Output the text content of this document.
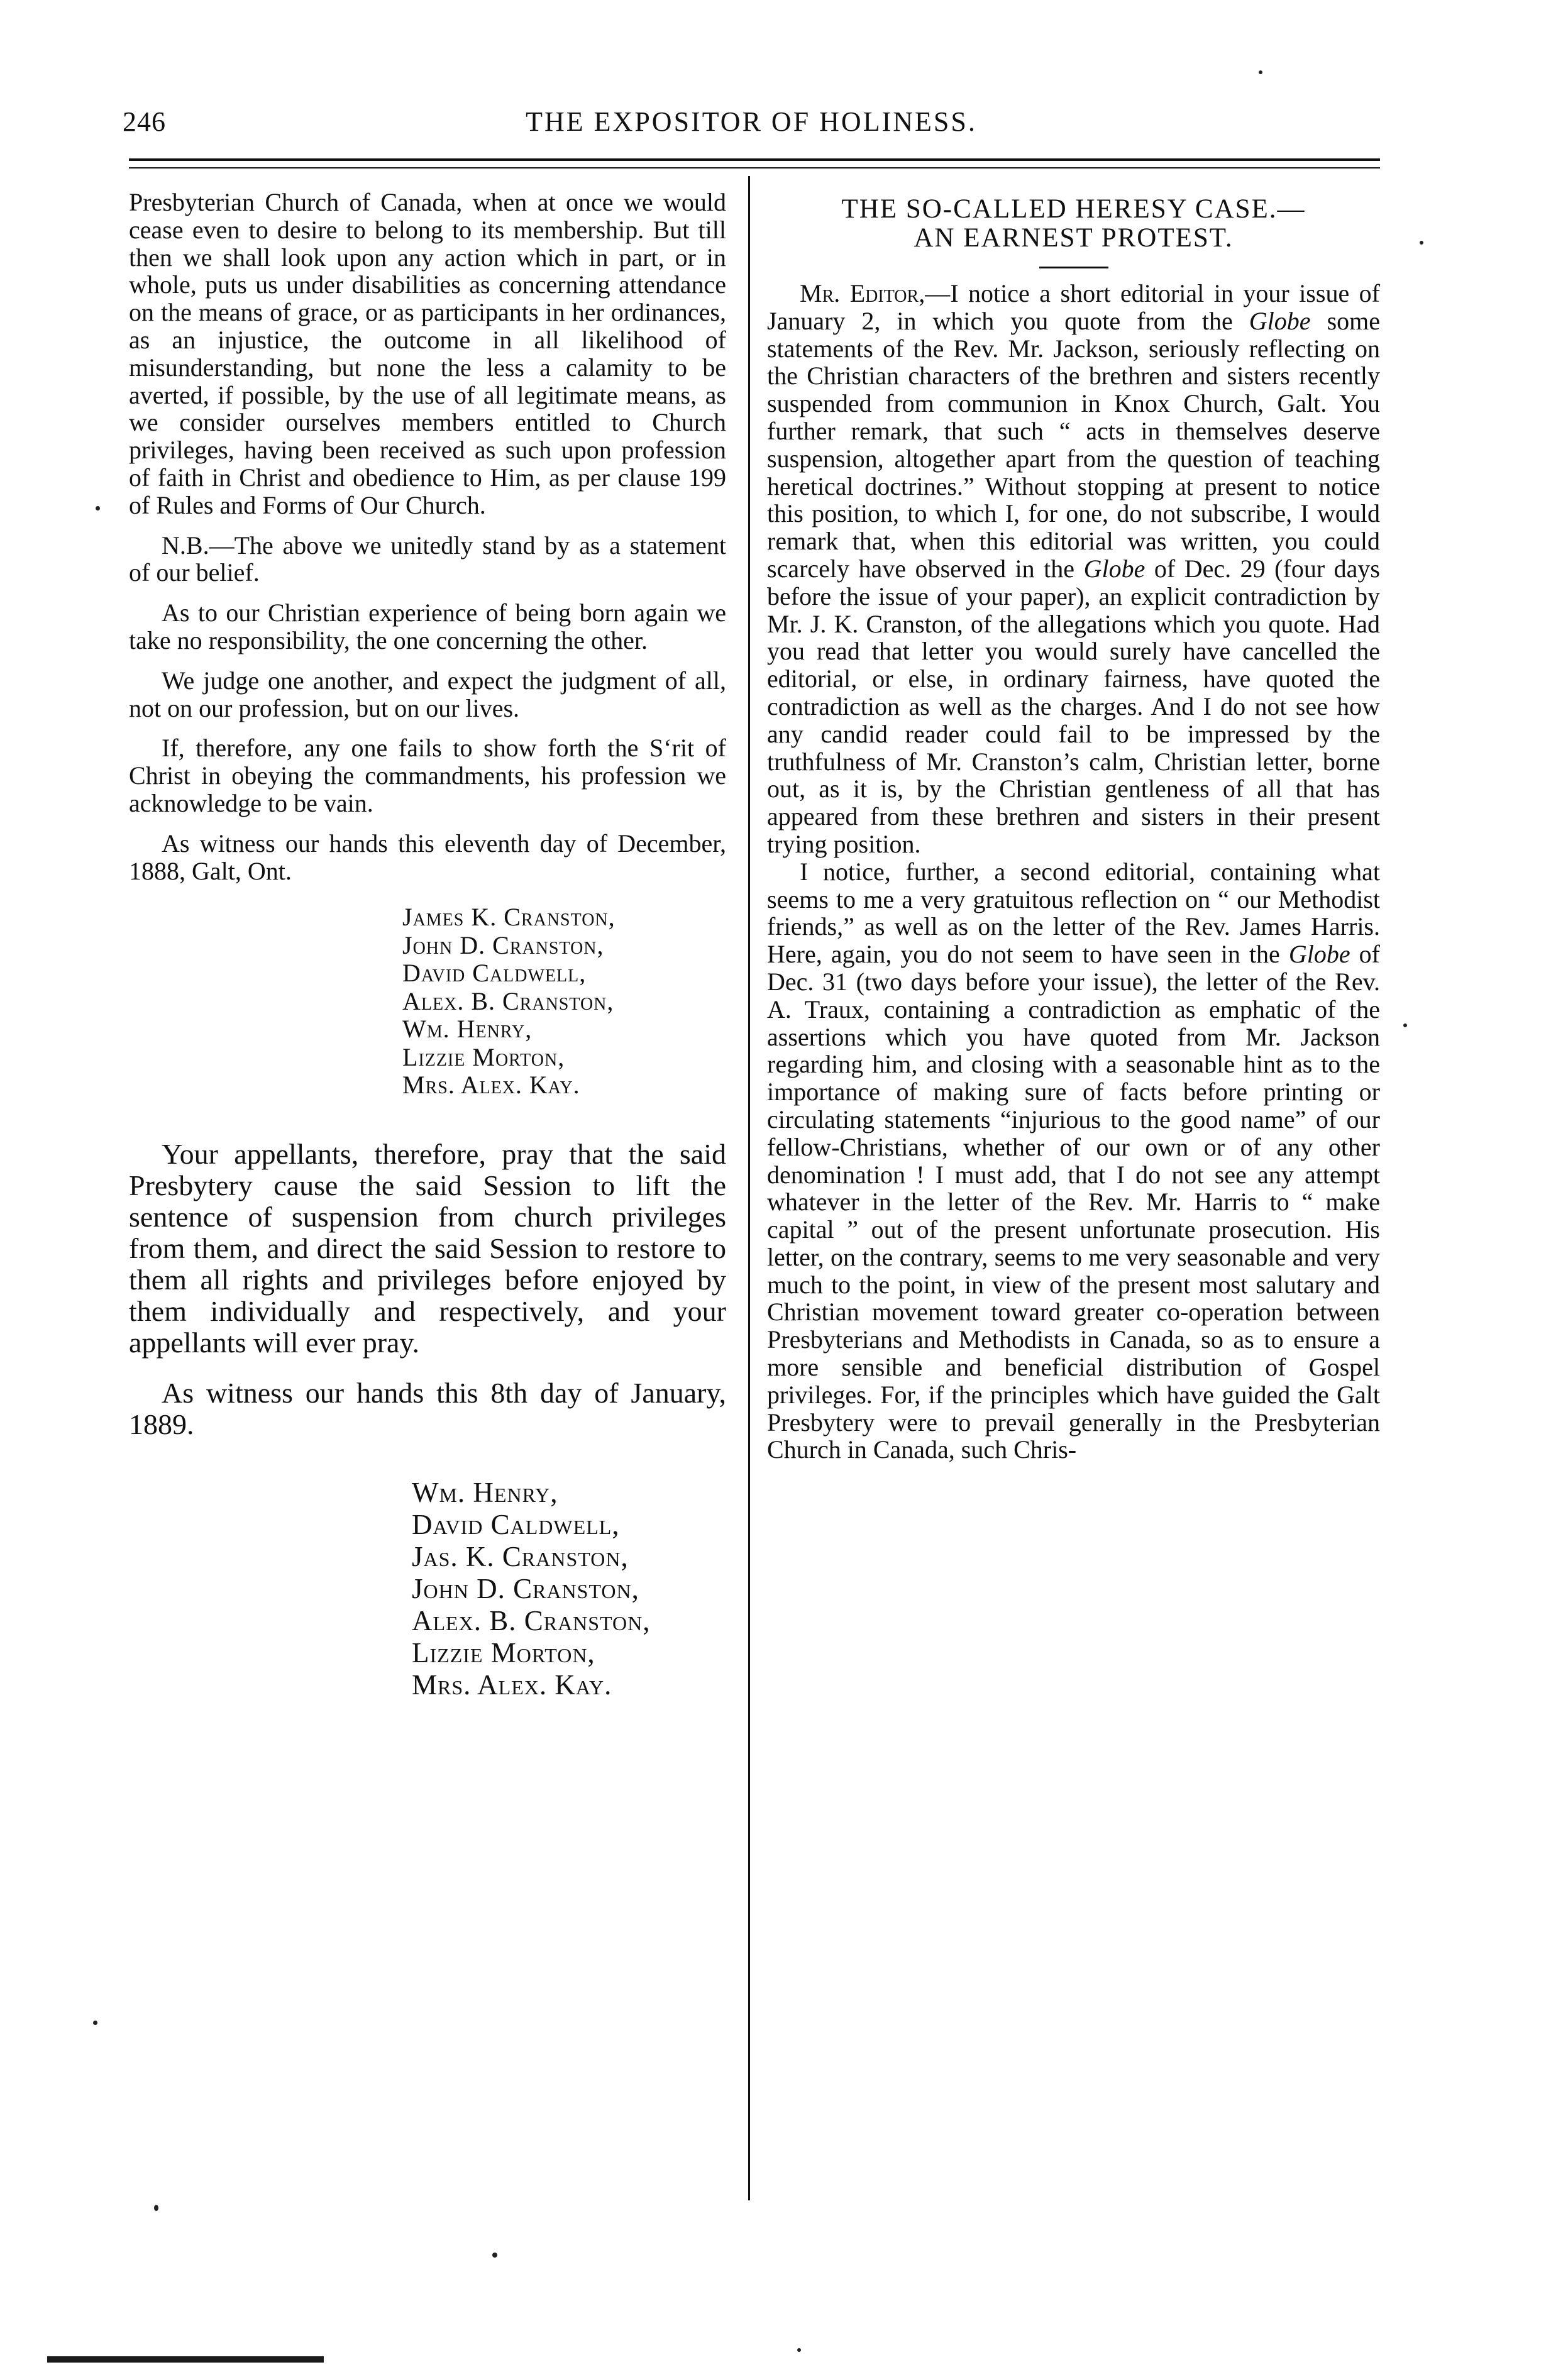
246	THE EXPOSITOR OF HOLINESS.

Presbyterian Church of Canada, when at once we would cease even to desire to belong to its membership. But till then we shall look upon any action which in part, or in whole, puts us under disabilities as concerning attendance on the means of grace, or as participants in her ordinances, as an injustice, the outcome in all likelihood of misunderstanding, but none the less a calamity to be averted, if possible, by the use of all legitimate means, as we consider ourselves members entitled to Church privileges, having been received as such upon profession of faith in Christ and obedience to Him, as per clause 199 of Rules and Forms of Our Church.

N.B.—The above we unitedly stand by as a statement of our belief.

As to our Christian experience of being born again we take no responsibility, the one concerning the other.

We judge one another, and expect the judgment of all, not on our profession, but on our lives.

If, therefore, any one fails to show forth the S‘rit of Christ in obeying the commandments, his profession we acknowledge to be vain.

As witness our hands this eleventh day of December, 1888, Galt, Ont.

James K. Cranston,
John D. Cranston,
David Caldwell,
Alex. B. Cranston,
Wm. Henry,
Lizzie Morton,
Mrs. Alex. Kay.

Your appellants, therefore, pray that the said Presbytery cause the said Session to lift the sentence of suspension from church privileges from them, and direct the said Session to restore to them all rights and privileges before enjoyed by them individually and respectively, and your appellants will ever pray.

As witness our hands this 8th day of January, 1889.

Wm. Henry,
David Caldwell,
Jas. K. Cranston,
John D. Cranston,
Alex. B. Cranston,
Lizzie Morton,
Mrs. Alex. Kay.
THE SO-CALLED HERESY CASE.—
AN EARNEST PROTEST.

Mr. Editor,—I notice a short editorial in your issue of January 2, in which you quote from the Globe some statements of the Rev. Mr. Jackson, seriously reflecting on the Christian characters of the brethren and sisters recently suspended from communion in Knox Church, Galt. You further remark, that such “ acts in themselves deserve suspension, altogether apart from the question of teaching heretical doctrines.” Without stopping at present to notice this position, to which I, for one, do not subscribe, I would remark that, when this editorial was written, you could scarcely have observed in the Globe of Dec. 29 (four days before the issue of your paper), an explicit contradiction by Mr. J. K. Cranston, of the allegations which you quote. Had you read that letter you would surely have cancelled the editorial, or else, in ordinary fairness, have quoted the contradiction as well as the charges. And I do not see how any candid reader could fail to be impressed by the truthfulness of Mr. Cranston’s calm, Christian letter, borne out, as it is, by the Christian gentleness of all that has appeared from these brethren and sisters in their present trying position.

I notice, further, a second editorial, containing what seems to me a very gratuitous reflection on “ our Methodist friends,” as well as on the letter of the Rev. James Harris. Here, again, you do not seem to have seen in the Globe of Dec. 31 (two days before your issue), the letter of the Rev. A. Traux, containing a contradiction as emphatic of the assertions which you have quoted from Mr. Jackson regarding him, and closing with a seasonable hint as to the importance of making sure of facts before printing or circulating statements “injurious to the good name” of our fellow-Christians, whether of our own or of any other denomination ! I must add, that I do not see any attempt whatever in the letter of the Rev. Mr. Harris to “ make capital ” out of the present unfortunate prosecution. His letter, on the contrary, seems to me very seasonable and very much to the point, in view of the present most salutary and Christian movement toward greater co-operation between Presbyterians and Methodists in Canada, so as to ensure a more sensible and beneficial distribution of Gospel privileges. For, if the principles which have guided the Galt Presbytery were to prevail generally in the Presbyterian Church in Canada, such Chris-
